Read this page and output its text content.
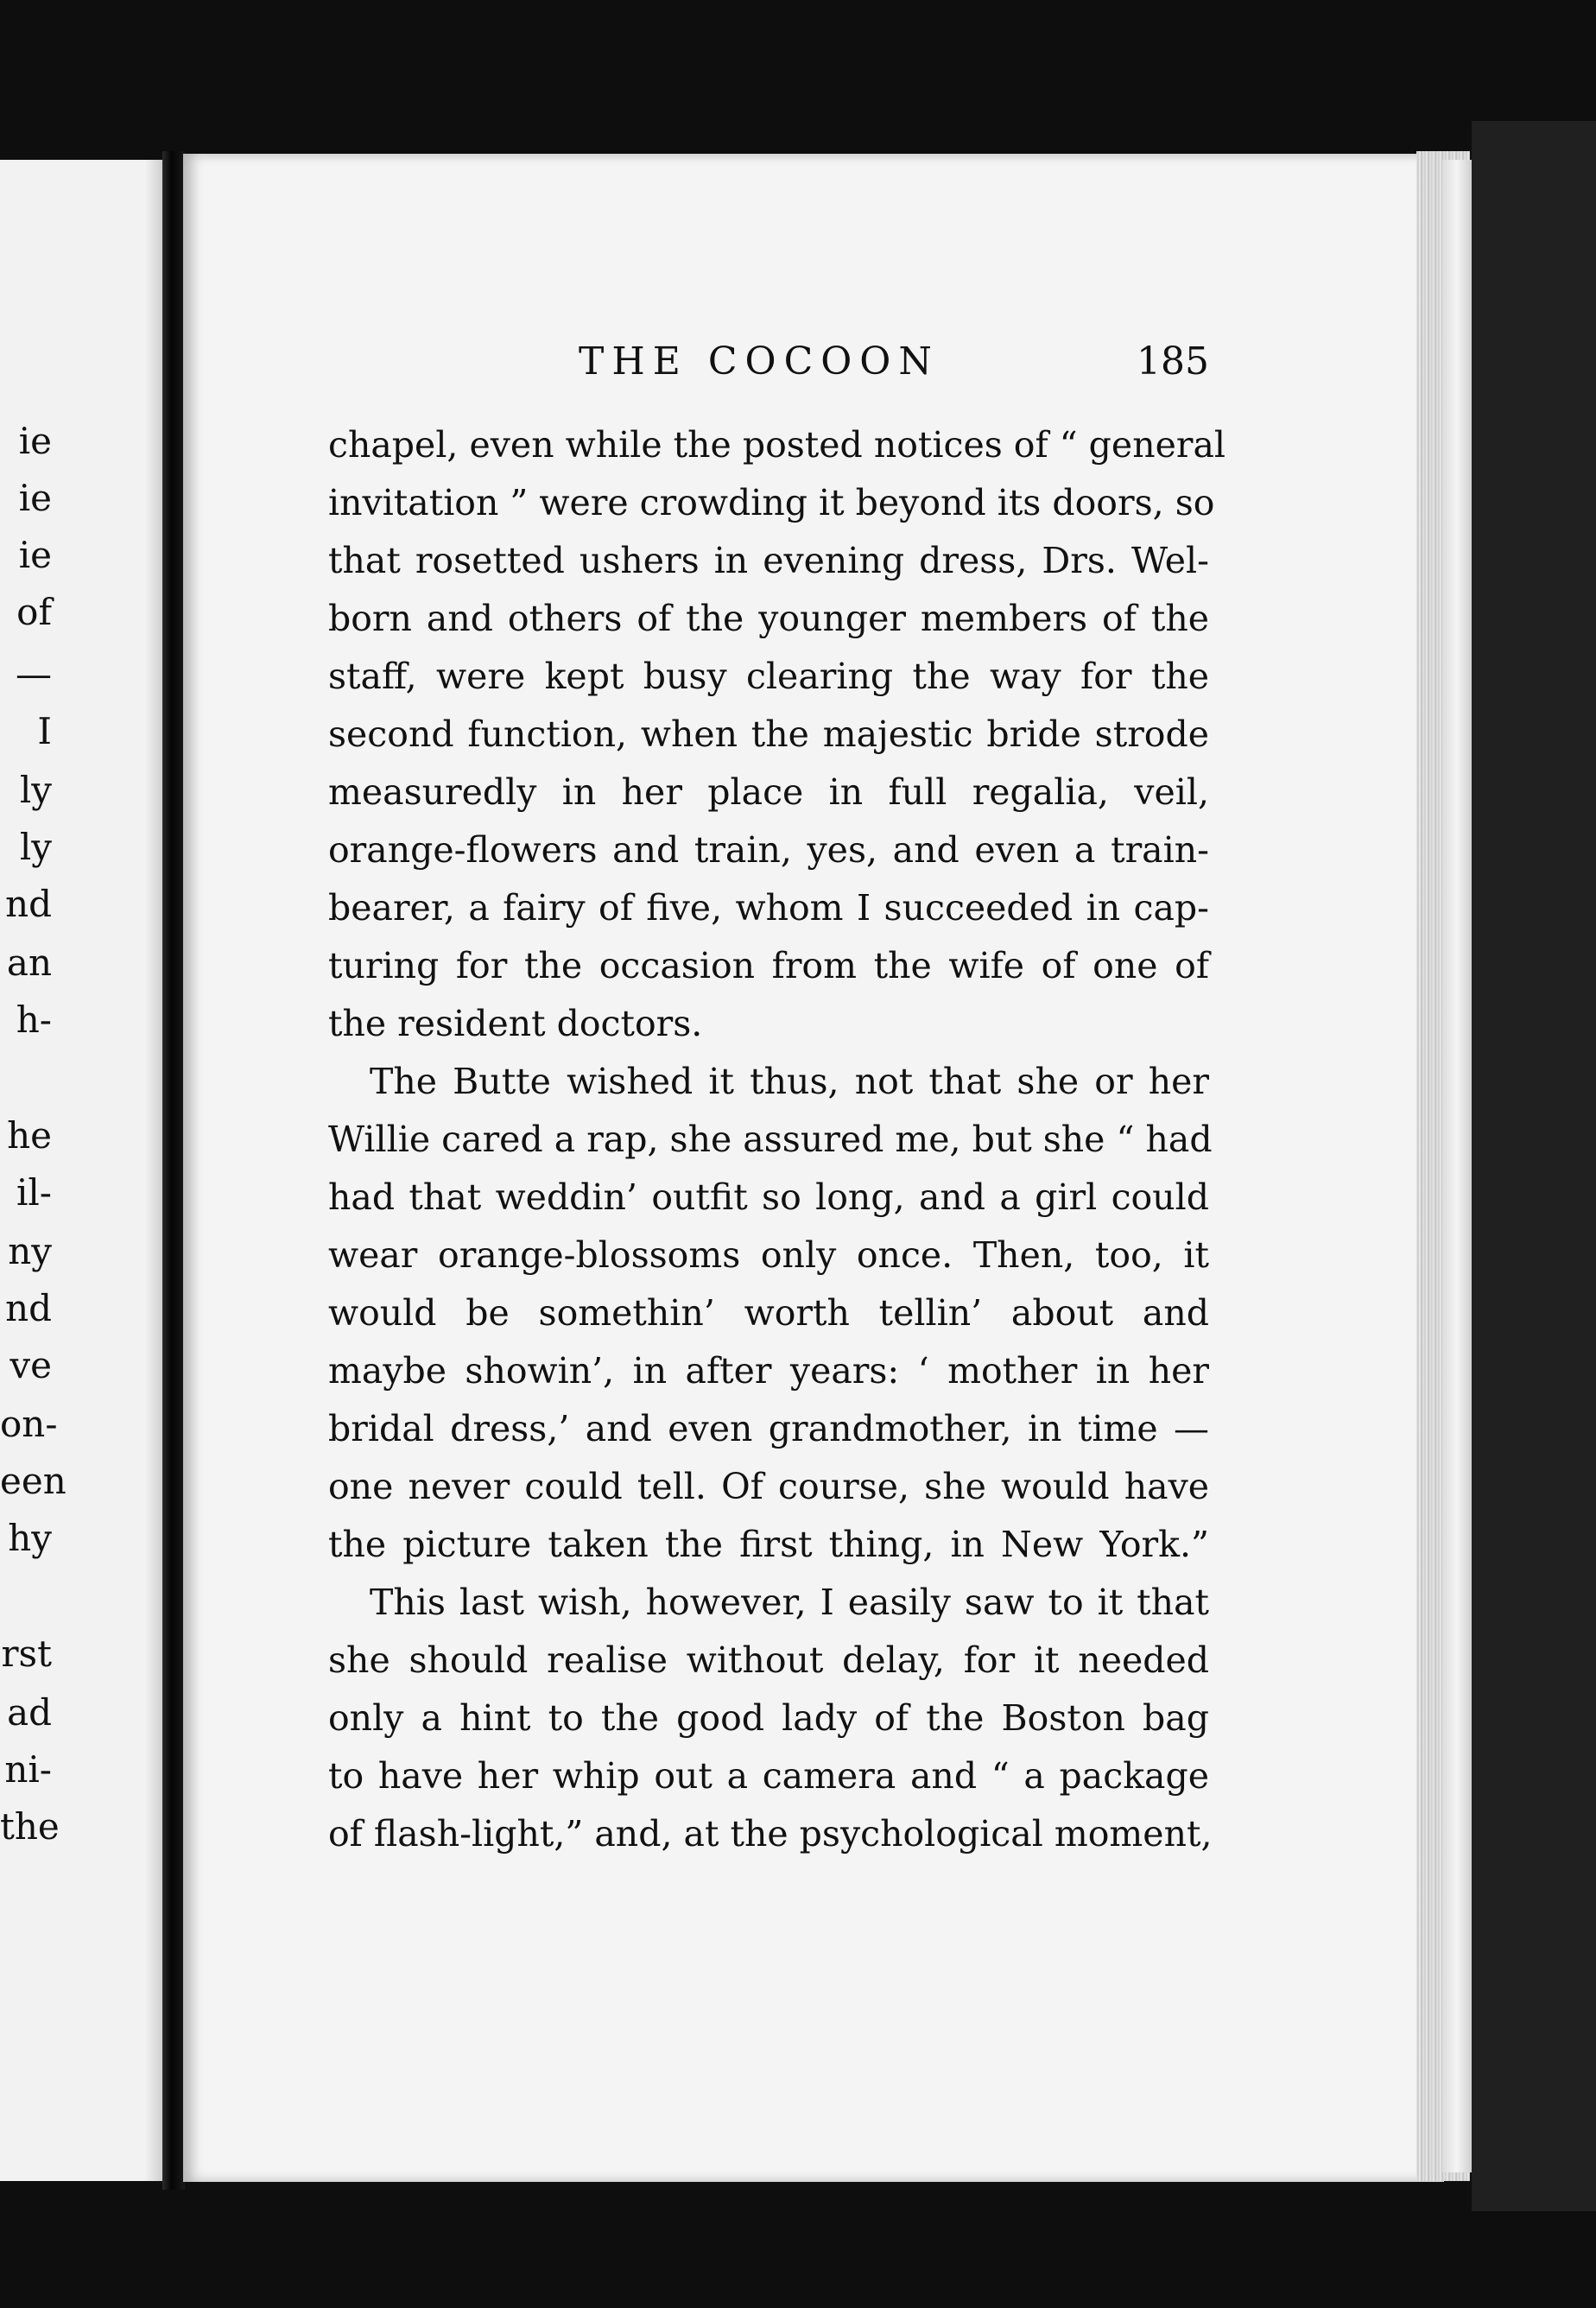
ie
ie
ie
of
—
I
ly
ly
nd
an
h-
he
il-
ny
nd
ve
on-
een
hy
rst
ad
ni-
the
THE COCOON	185
chapel, even while the posted notices of “ general
invitation ” were crowding it beyond its doors, so
that rosetted ushers in evening dress, Drs. Wel-
born and others of the younger members of the
staff, were kept busy clearing the way for the
second function, when the majestic bride strode
measuredly in her place in full regalia, veil,
orange-flowers and train, yes, and even a train-
bearer, a fairy of five, whom I succeeded in cap-
turing for the occasion from the wife of one of
the resident doctors.
The Butte wished it thus, not that she or her
Willie cared a rap, she assured me, but she “ had
had that weddin’ outfit so long, and a girl could
wear orange-blossoms only once. Then, too, it
would be somethin’ worth tellin’ about and
maybe showin’, in after years: ‘ mother in her
bridal dress,’ and even grandmother, in time —
one never could tell. Of course, she would have
the picture taken the first thing, in New York.”
This last wish, however, I easily saw to it that
she should realise without delay, for it needed
only a hint to the good lady of the Boston bag
to have her whip out a camera and “ a package
of flash-light,” and, at the psychological moment,
